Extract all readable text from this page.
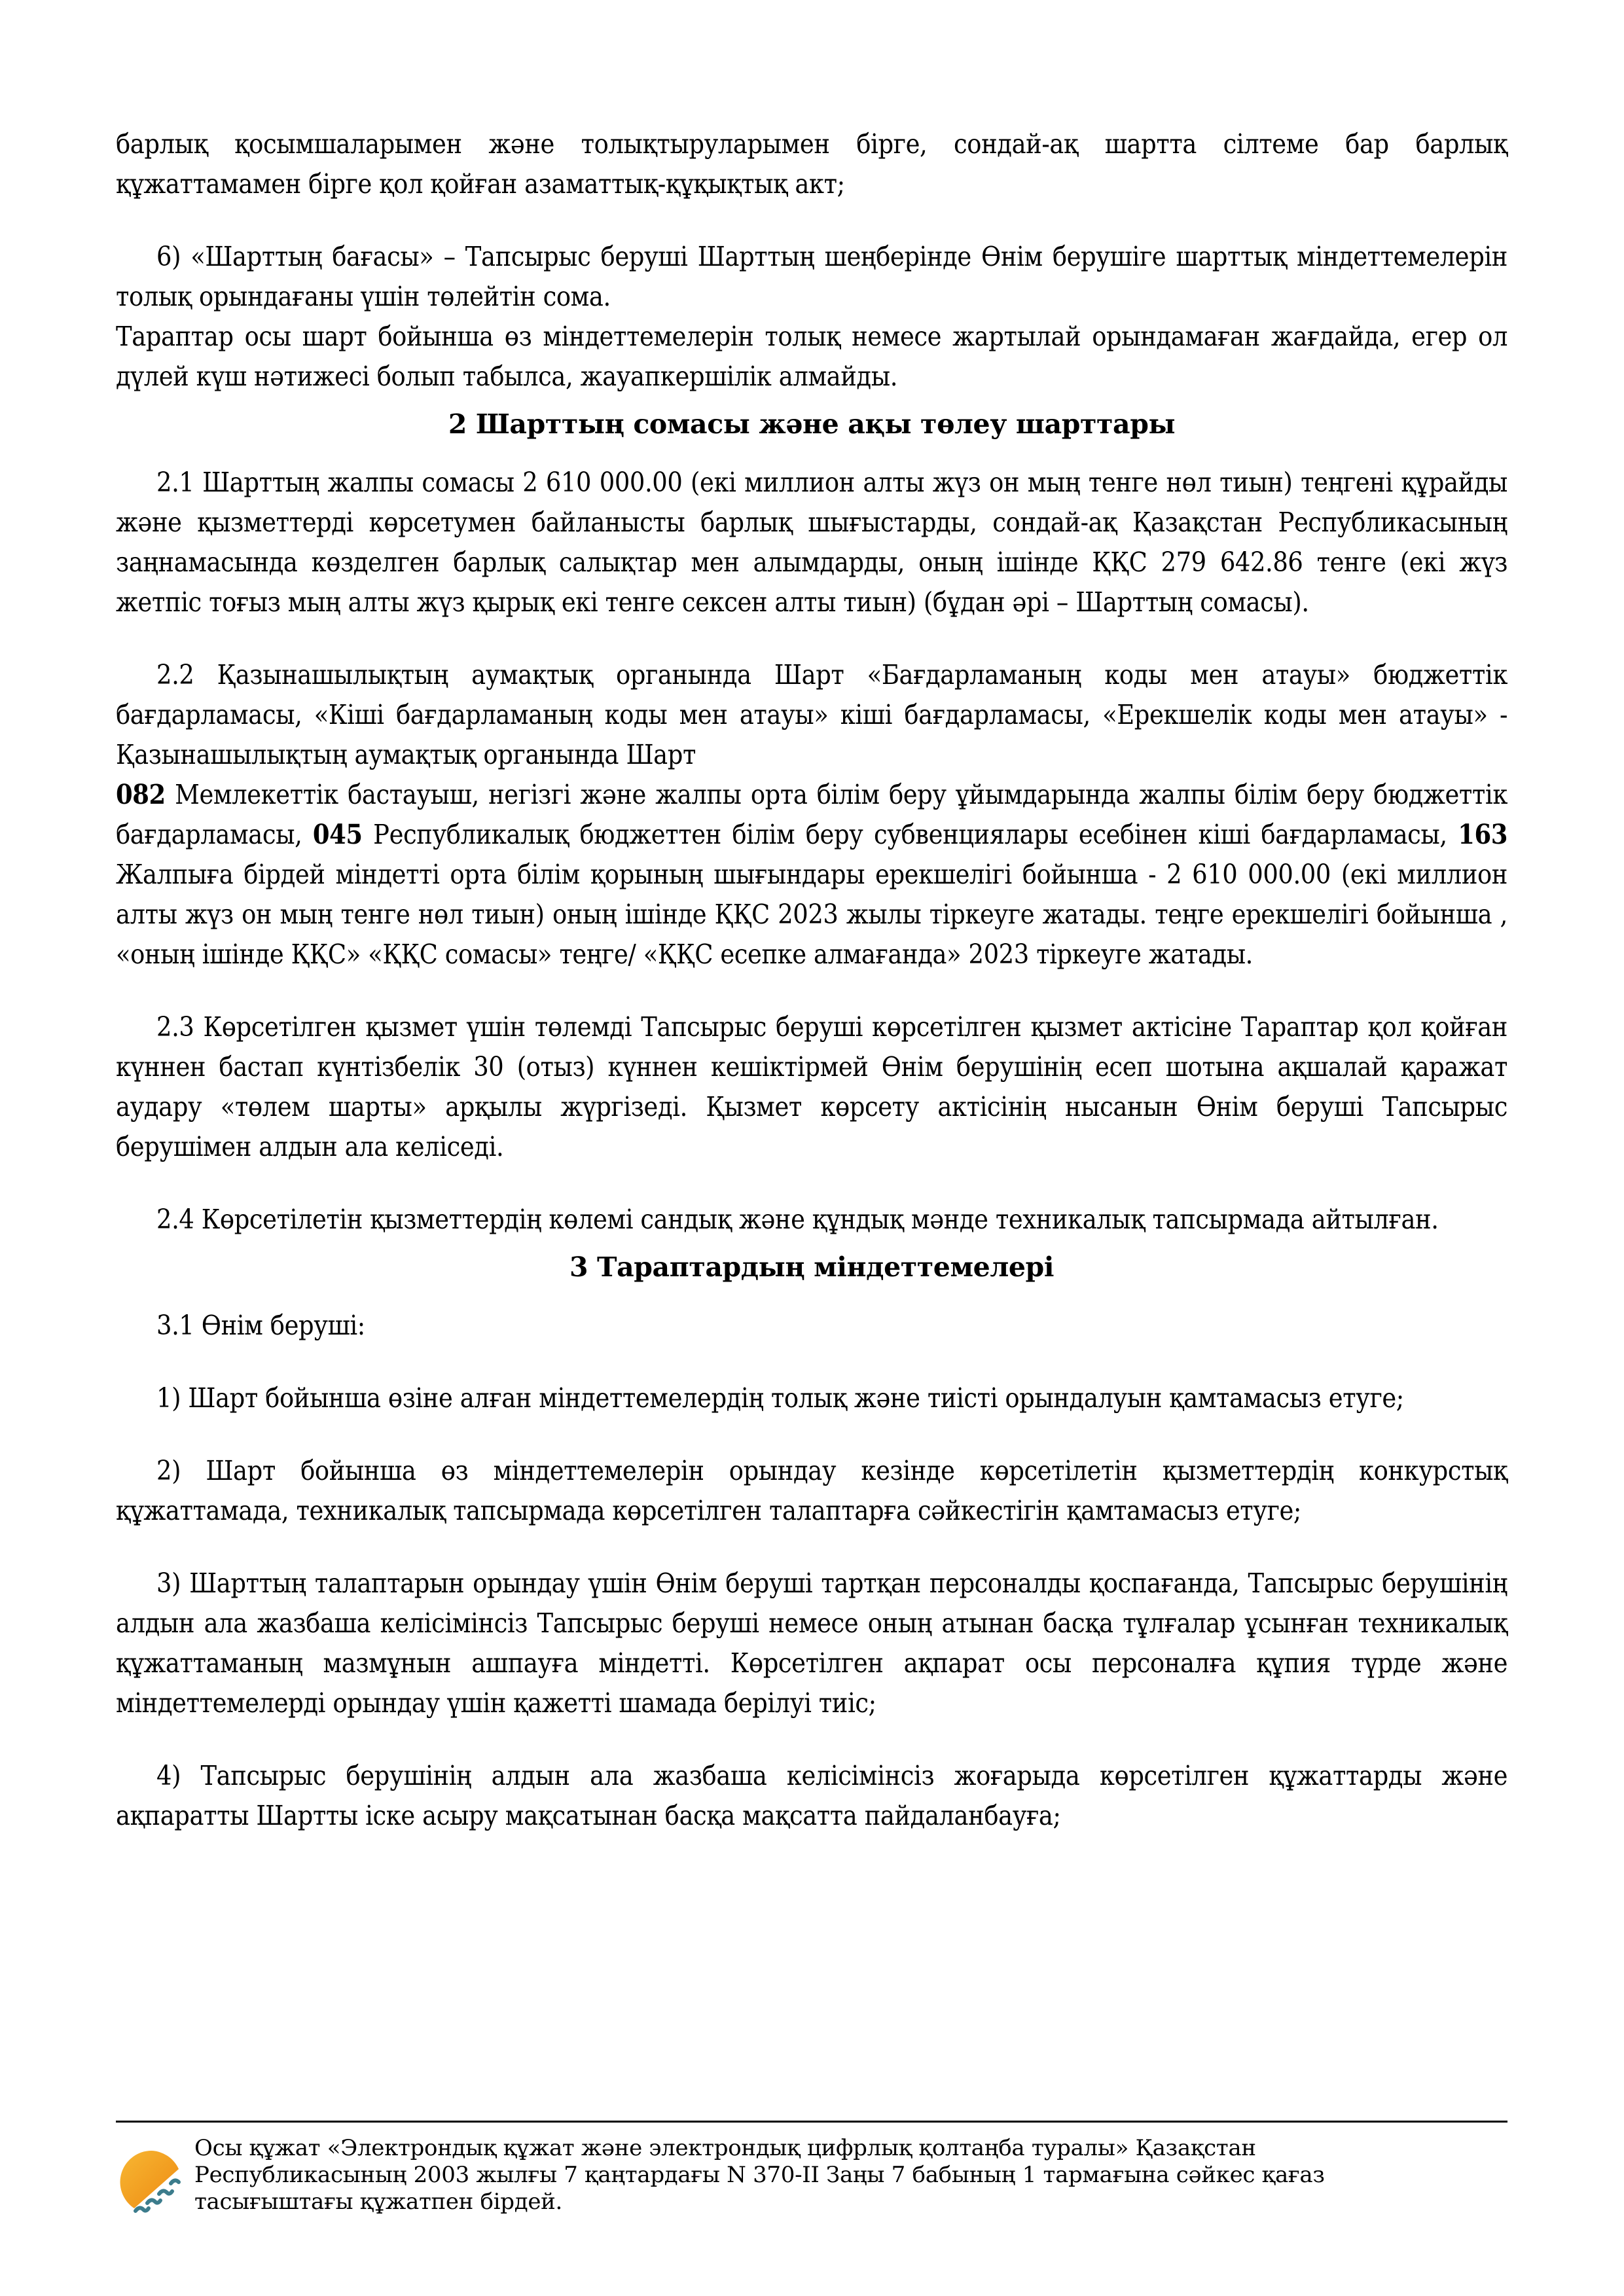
барлық қосымшаларымен және толықтыруларымен бірге, сондай-ақ шартта сілтеме бар барлық құжаттамамен бірге қол қойған азаматтық-құқықтық акт;

6) «Шарттың бағасы» – Тапсырыс беруші Шарттың шеңберінде Өнім берушіге шарттық міндеттемелерін толық орындағаны үшін төлейтін сома.

Тараптар осы шарт бойынша өз міндеттемелерін толық немесе жартылай орындамаған жағдайда, егер ол дүлей күш нәтижесі болып табылса, жауапкершілік алмайды.

2 Шарттың сомасы және ақы төлеу шарттары

2.1 Шарттың жалпы сомасы 2 610 000.00 (екі миллион алты жүз он мың тенге нөл тиын) теңгені құрайды және қызметтерді көрсетумен байланысты барлық шығыстарды, сондай-ақ Қазақстан Республикасының заңнамасында көзделген барлық салықтар мен алымдарды, оның ішінде ҚҚС 279 642.86 тенге (екі жүз жетпіс тоғыз мың алты жүз қырық екі тенге сексен алты тиын) (бұдан әрі – Шарттың сомасы).

2.2 Қазынашылықтың аумақтық органында Шарт «Бағдарламаның коды мен атауы» бюджеттік бағдарламасы, «Кіші бағдарламаның коды мен атауы» кіші бағдарламасы, «Ерекшелік коды мен атауы» - Қазынашылықтың аумақтық органында Шарт

082 Мемлекеттік бастауыш, негізгі және жалпы орта білім беру ұйымдарында жалпы білім беру бюджеттік бағдарламасы, 045 Республикалық бюджеттен білім беру субвенциялары есебінен кіші бағдарламасы, 163 Жалпыға бірдей міндетті орта білім қорының шығындары ерекшелігі бойынша - 2 610 000.00 (екі миллион алты жүз он мың тенге нөл тиын) оның ішінде ҚҚС 2023 жылы тіркеуге жатады. теңге ерекшелігі бойынша , «оның ішінде ҚҚС» «ҚҚС сомасы» теңге/ «ҚҚС есепке алмағанда» 2023 тіркеуге жатады.

2.3 Көрсетілген қызмет үшін төлемді Тапсырыс беруші көрсетілген қызмет актісіне Тараптар қол қойған күннен бастап күнтізбелік 30 (отыз) күннен кешіктірмей Өнім берушінің есеп шотына ақшалай қаражат аудару «төлем шарты» арқылы жүргізеді. Қызмет көрсету актісінің нысанын Өнім беруші Тапсырыс берушімен алдын ала келіседі.

2.4 Көрсетілетін қызметтердің көлемі сандық және құндық мәнде техникалық тапсырмада айтылған.

3 Тараптардың міндеттемелері

3.1 Өнім беруші:

1) Шарт бойынша өзіне алған міндеттемелердің толық және тиісті орындалуын қамтамасыз етуге;

2) Шарт бойынша өз міндеттемелерін орындау кезінде көрсетілетін қызметтердің конкурстық құжаттамада, техникалық тапсырмада көрсетілген талаптарға сәйкестігін қамтамасыз етуге;

3) Шарттың талаптарын орындау үшін Өнім беруші тартқан персоналды қоспағанда, Тапсырыс берушінің алдын ала жазбаша келісімінсіз Тапсырыс беруші немесе оның атынан басқа тұлғалар ұсынған техникалық құжаттаманың мазмұнын ашпауға міндетті. Көрсетілген ақпарат осы персоналға құпия түрде және міндеттемелерді орындау үшін қажетті шамада берілуі тиіс;

4) Тапсырыс берушінің алдын ала жазбаша келісімінсіз жоғарыда көрсетілген құжаттарды және ақпаратты Шартты іске асыру мақсатынан басқа мақсатта пайдаланбауға;

Осы құжат «Электрондық құжат және электрондық цифрлық қолтаңба туралы» Қазақстан
Республикасының 2003 жылғы 7 қаңтардағы N 370-II Заңы 7 бабының 1 тармағына сәйкес қағаз
тасығыштағы құжатпен бірдей.
